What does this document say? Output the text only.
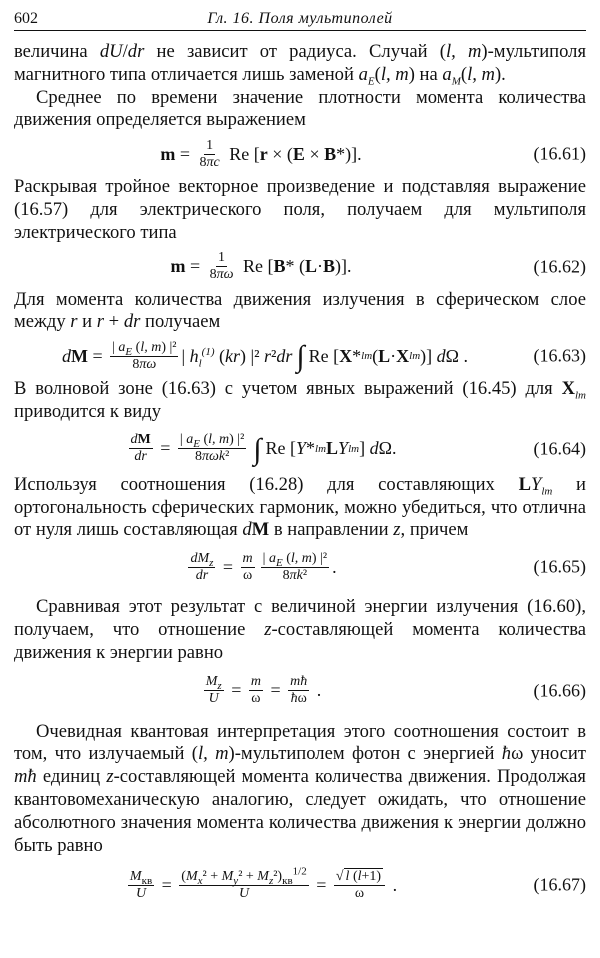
602	Гл. 16. Поля мультиполей

величина dU/dr не зависит от радиуса. Случай (l, m)-мультиполя магнитного типа отличается лишь заменой $a_E(l$, m) на $a_M(l$, m).

Среднее по времени значение плотности момента количества движения определяется выражением

m = 1
8πc Re [ r × ( E × B *)].	(16.61)

Раскрывая тройное векторное произведение и подставляя выражение (16.57) для электрического поля, получаем для мультиполя электрического типа

m = 1
8πω Re [ B * ( L · B )].	(16.62)

Для момента количества движения излучения в сферическом слое между r и r + dr получаем

d M = | $a_E$ (l, m) |²
8πω | $h_l^{(1)}$ ( kr ) |² r ² dr ∫ Re [ X * lm ( L · X lm )] d Ω .	(16.63)

В волновой зоне (16.63) с учетом явных выражений (16.45) для $X_{lm}$ приводится к виду

dM
dr = | $a_E$ (l, m) |²
8πωk² ∫ Re [ Y * lm L Y lm ] d Ω.	(16.64)

Используя соотношения (16.28) для составляющих $LY_{lm}$ и ортогональность сферических гармоник, можно убедиться, что отлична от нуля лишь составляющая dM в направлении z, причем

$dM_z$
dr = m
ω
| $a_E$ (l, m) |²
8πk² .	(16.65)

Сравнивая этот результат с величиной энергии излучения (16.60), получаем, что отношение z-составляющей момента количества движения к энергии равно

$M_z$
U = m
ω = mħ
ħω .	(16.66)

Очевидная квантовая интерпретация этого соотношения состоит в том, что излучаемый (l, m)-мультиполем фотон с энергией ħω уносит mħ единиц z-составляющей момента количества движения. Продолжая квантовомеханическую аналогию, следует ожидать, что отношение абсолютного значения момента количества движения к энергии должно быть равно

$M_{кв}$
$U = (M_x^2 + M_y^2 + M_z^2)_{кв}^{1/2}$
U	= √ l (l+1)
ω .	(16.67)
